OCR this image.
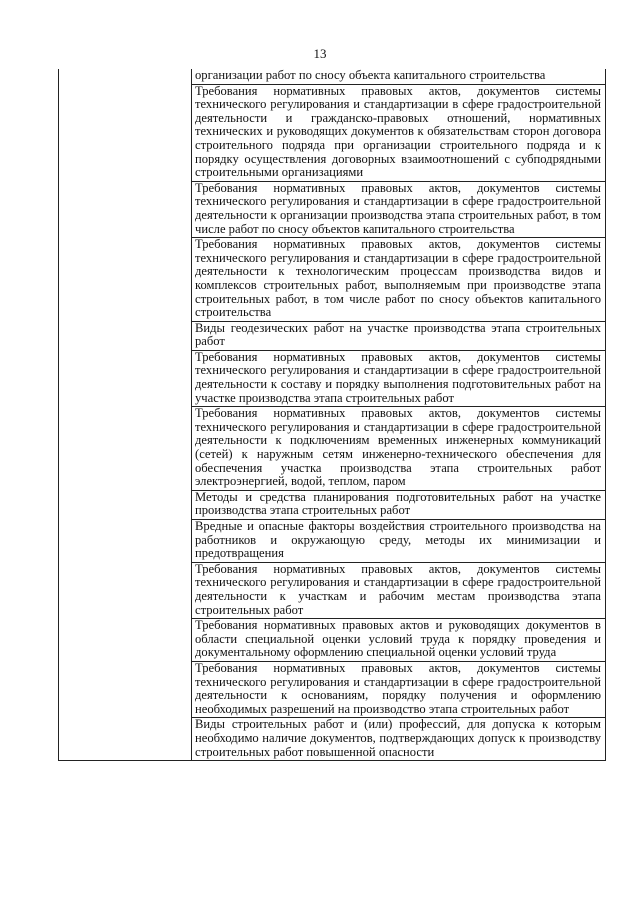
13

организации работ по сносу объекта капитального строительства

Требования нормативных правовых актов, документов системы технического регулирования и стандартизации в сфере градостроительной деятельности и гражданско-правовых отношений, нормативных технических и руководящих документов к обязательствам сторон договора строительного подряда при организации строительного подряда и к порядку осуществления договорных взаимоотношений с субподрядными строительными организациями

Требования нормативных правовых актов, документов системы технического регулирования и стандартизации в сфере градостроительной деятельности к организации производства этапа строительных работ, в том числе работ по сносу объектов капитального строительства

Требования нормативных правовых актов, документов системы технического регулирования и стандартизации в сфере градостроительной деятельности к технологическим процессам производства видов и комплексов строительных работ, выполняемым при производстве этапа строительных работ, в том числе работ по сносу объектов капитального строительства

Виды геодезических работ на участке производства этапа строительных работ

Требования нормативных правовых актов, документов системы технического регулирования и стандартизации в сфере градостроительной деятельности к составу и порядку выполнения подготовительных работ на участке производства этапа строительных работ

Требования нормативных правовых актов, документов системы технического регулирования и стандартизации в сфере градостроительной деятельности к подключениям временных инженерных коммуникаций (сетей) к наружным сетям инженерно-технического обеспечения для обеспечения участка производства этапа строительных работ электроэнергией, водой, теплом, паром

Методы и средства планирования подготовительных работ на участке производства этапа строительных работ

Вредные и опасные факторы воздействия строительного производства на работников и окружающую среду, методы их минимизации и предотвращения

Требования нормативных правовых актов, документов системы технического регулирования и стандартизации в сфере градостроительной деятельности к участкам и рабочим местам производства этапа строительных работ

Требования нормативных правовых актов и руководящих документов в области специальной оценки условий труда к порядку проведения и документальному оформлению специальной оценки условий труда

Требования нормативных правовых актов, документов системы технического регулирования и стандартизации в сфере градостроительной деятельности к основаниям, порядку получения и оформлению необходимых разрешений на производство этапа строительных работ

Виды строительных работ и (или) профессий, для допуска к которым необходимо наличие документов, подтверждающих допуск к производству строительных работ повышенной опасности
